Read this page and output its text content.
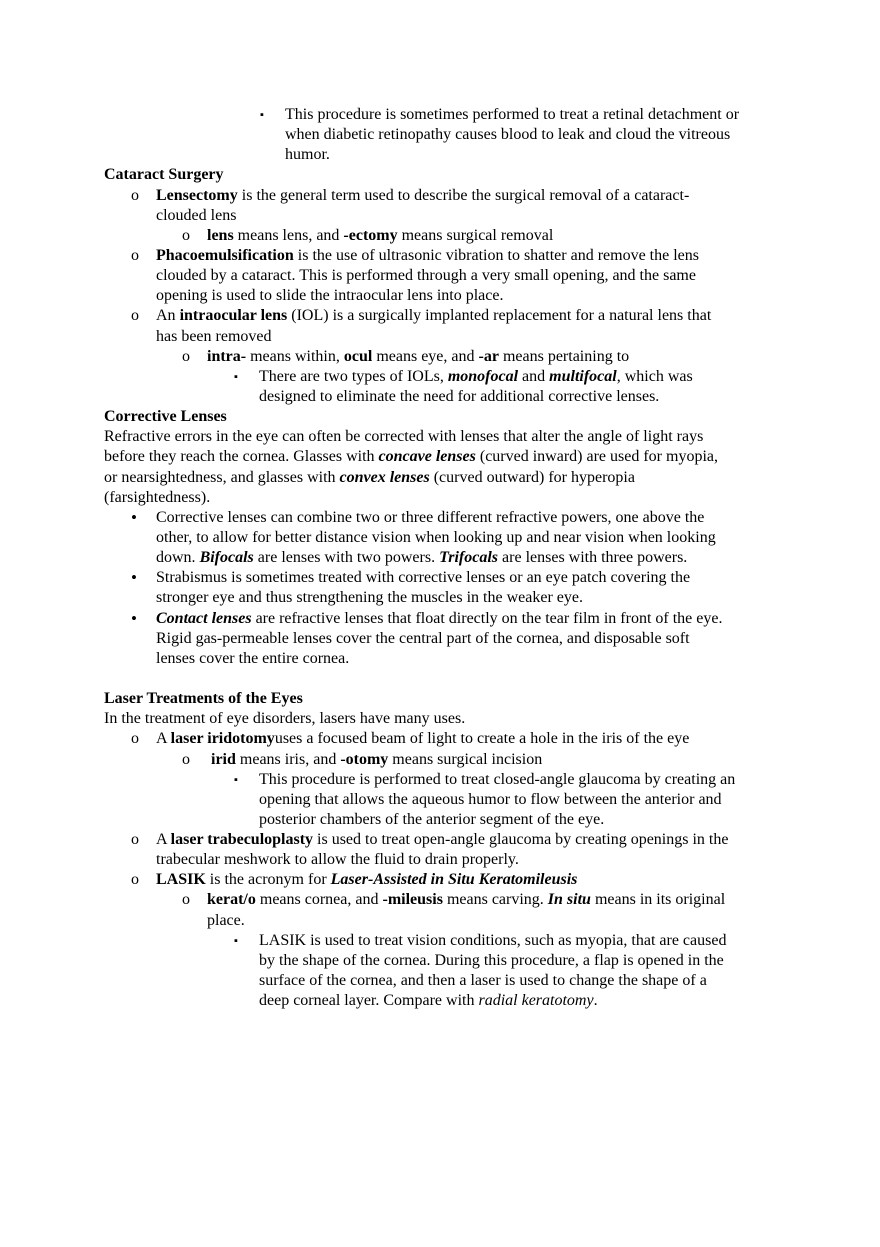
▪	This procedure is sometimes performed to treat a retinal detachment or
when diabetic retinopathy causes blood to leak and cloud the vitreous
humor.
Cataract Surgery
o	Lensectomy is the general term used to describe the surgical removal of a cataract-
clouded lens
o	lens means lens, and -ectomy means surgical removal
o	Phacoemulsification is the use of ultrasonic vibration to shatter and remove the lens
clouded by a cataract. This is performed through a very small opening, and the same
opening is used to slide the intraocular lens into place.
o	An intraocular lens (IOL) is a surgically implanted replacement for a natural lens that
has been removed
o	intra- means within, ocul means eye, and -ar means pertaining to
▪	There are two types of IOLs, monofocal and multifocal, which was
designed to eliminate the need for additional corrective lenses.
Corrective Lenses
Refractive errors in the eye can often be corrected with lenses that alter the angle of light rays
before they reach the cornea. Glasses with concave lenses (curved inward) are used for myopia,
or nearsightedness, and glasses with convex lenses (curved outward) for hyperopia
(farsightedness).
•	Corrective lenses can combine two or three different refractive powers, one above the
other, to allow for better distance vision when looking up and near vision when looking
down. Bifocals are lenses with two powers. Trifocals are lenses with three powers.
•	Strabismus is sometimes treated with corrective lenses or an eye patch covering the
stronger eye and thus strengthening the muscles in the weaker eye.
•	Contact lenses are refractive lenses that float directly on the tear film in front of the eye.
Rigid gas-permeable lenses cover the central part of the cornea, and disposable soft
lenses cover the entire cornea.
Laser Treatments of the Eyes
In the treatment of eye disorders, lasers have many uses.
o	A laser iridotomyuses a focused beam of light to create a hole in the iris of the eye
o	irid means iris, and -otomy means surgical incision
▪	This procedure is performed to treat closed-angle glaucoma by creating an
opening that allows the aqueous humor to flow between the anterior and
posterior chambers of the anterior segment of the eye.
o	A laser trabeculoplasty is used to treat open-angle glaucoma by creating openings in the
trabecular meshwork to allow the fluid to drain properly.
o	LASIK is the acronym for Laser-Assisted in Situ Keratomileusis
o	kerat/o means cornea, and -mileusis means carving. In situ means in its original
place.
▪	LASIK is used to treat vision conditions, such as myopia, that are caused
by the shape of the cornea. During this procedure, a flap is opened in the
surface of the cornea, and then a laser is used to change the shape of a
deep corneal layer. Compare with radial keratotomy.
